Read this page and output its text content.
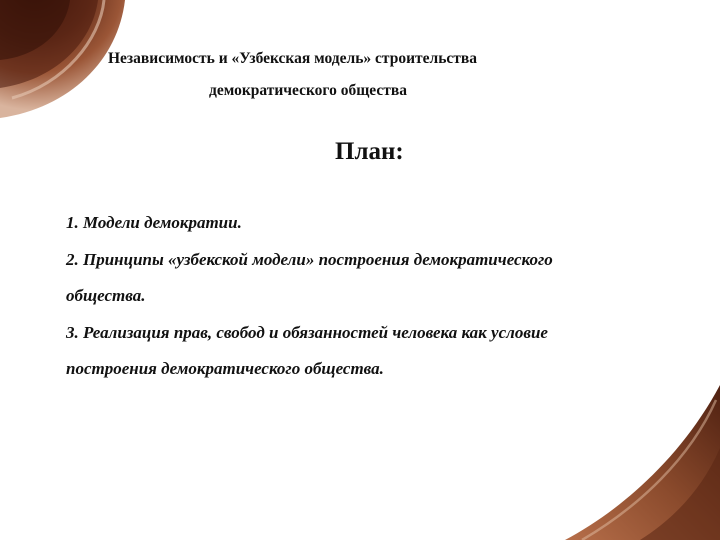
Независимость и «Узбекская модель» строительства
демократического общества
План:
1. Модели демократии.
2. Принципы «узбекской модели» построения демократического
общества.
3. Реализация прав, свобод и обязанностей человека как условие
построения демократического общества.
